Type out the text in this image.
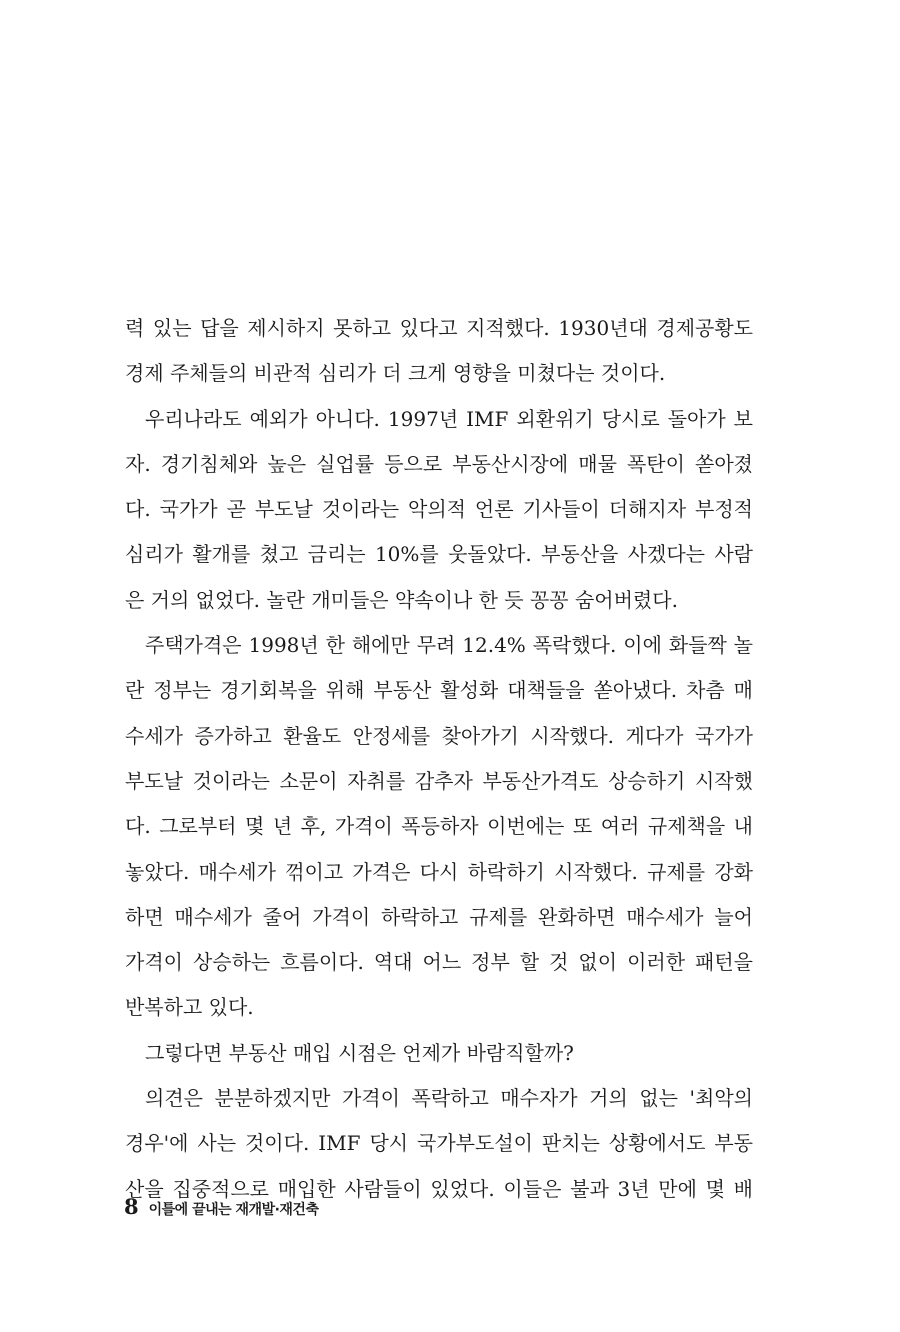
력 있는 답을 제시하지 못하고 있다고 지적했다. 1930년대 경제공황도
경제 주체들의 비관적 심리가 더 크게 영향을 미쳤다는 것이다.
우리나라도 예외가 아니다. 1997년 IMF 외환위기 당시로 돌아가 보
자. 경기침체와 높은 실업률 등으로 부동산시장에 매물 폭탄이 쏟아졌
다. 국가가 곧 부도날 것이라는 악의적 언론 기사들이 더해지자 부정적
심리가 활개를 쳤고 금리는 10%를 웃돌았다. 부동산을 사겠다는 사람
은 거의 없었다. 놀란 개미들은 약속이나 한 듯 꽁꽁 숨어버렸다.
주택가격은 1998년 한 해에만 무려 12.4% 폭락했다. 이에 화들짝 놀
란 정부는 경기회복을 위해 부동산 활성화 대책들을 쏟아냈다. 차츰 매
수세가 증가하고 환율도 안정세를 찾아가기 시작했다. 게다가 국가가
부도날 것이라는 소문이 자취를 감추자 부동산가격도 상승하기 시작했
다. 그로부터 몇 년 후, 가격이 폭등하자 이번에는 또 여러 규제책을 내
놓았다. 매수세가 꺾이고 가격은 다시 하락하기 시작했다. 규제를 강화
하면 매수세가 줄어 가격이 하락하고 규제를 완화하면 매수세가 늘어
가격이 상승하는 흐름이다. 역대 어느 정부 할 것 없이 이러한 패턴을
반복하고 있다.
그렇다면 부동산 매입 시점은 언제가 바람직할까?
의견은 분분하겠지만 가격이 폭락하고 매수자가 거의 없는 '최악의
경우'에 사는 것이다. IMF 당시 국가부도설이 판치는 상황에서도 부동
산을 집중적으로 매입한 사람들이 있었다. 이들은 불과 3년 만에 몇 배
8 이틀에 끝내는 재개발·재건축
